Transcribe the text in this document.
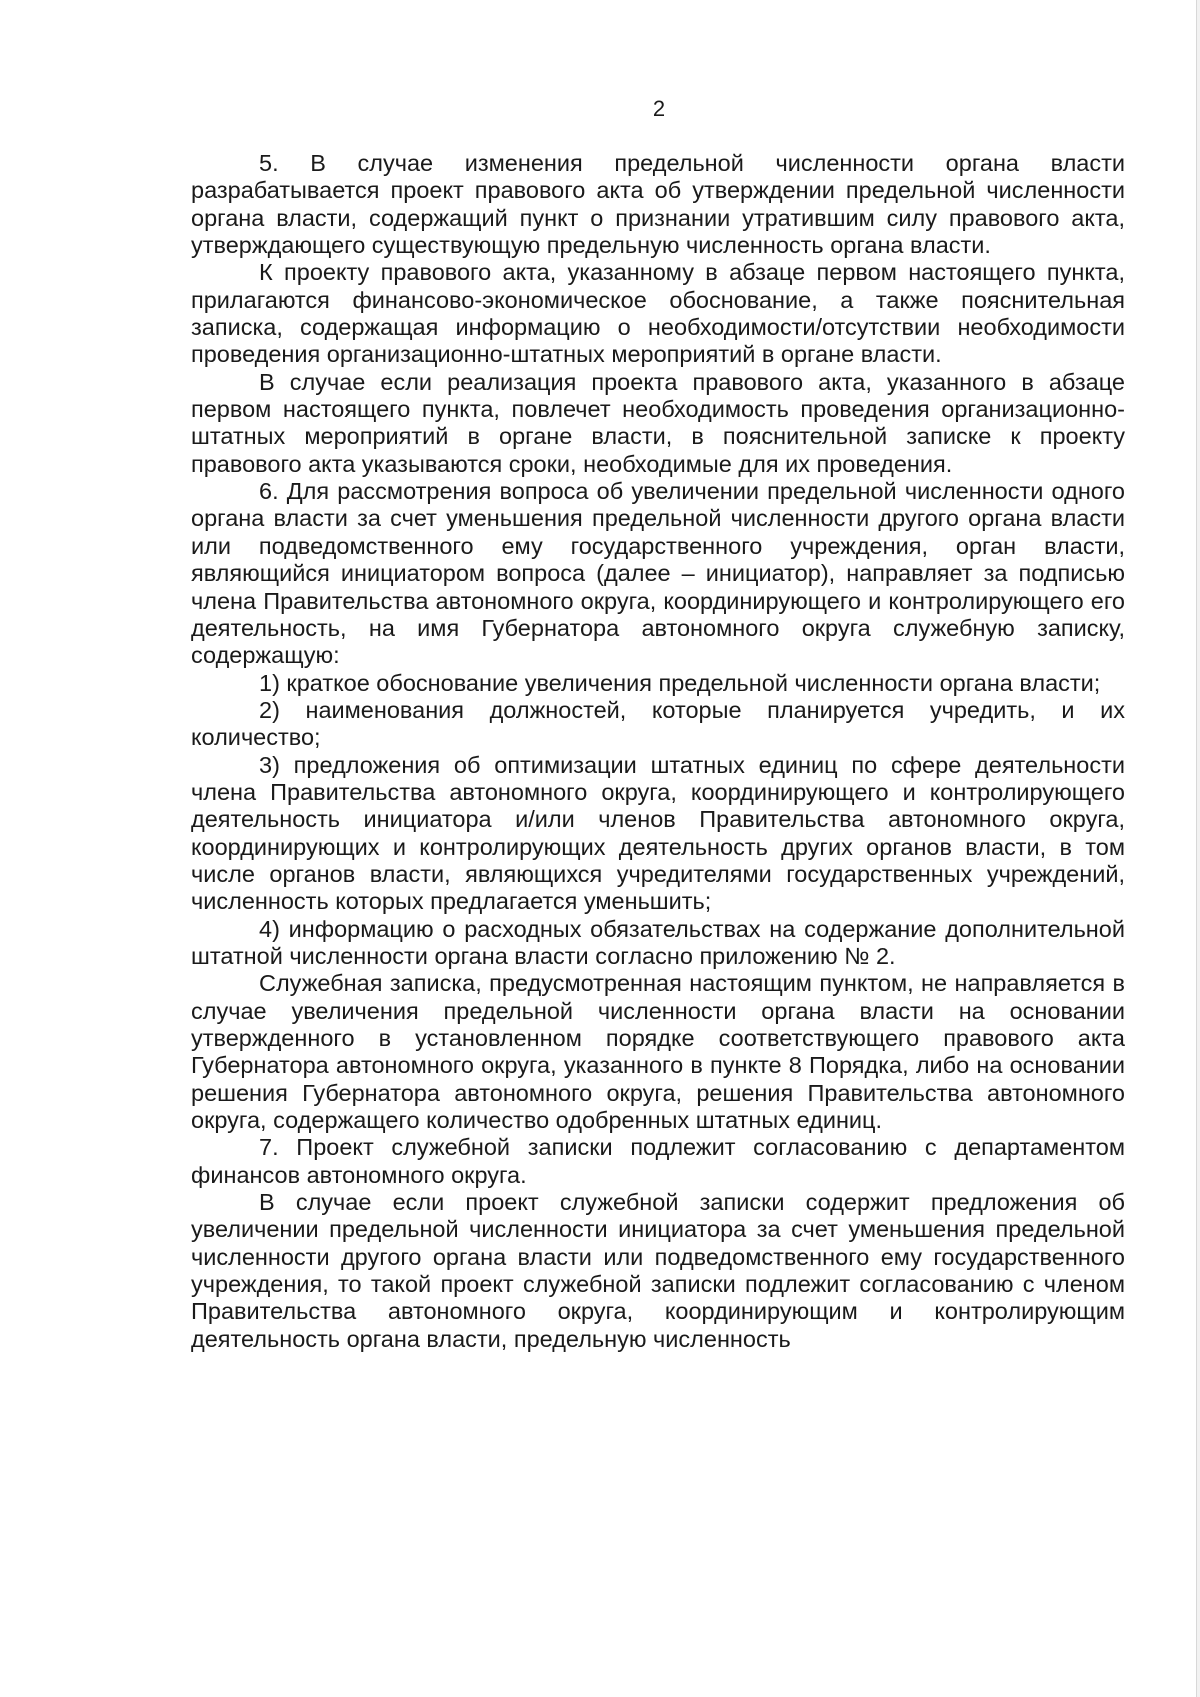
2

5. В случае изменения предельной численности органа власти разрабатывается проект правового акта об утверждении предельной численности органа власти, содержащий пункт о признании утратившим силу правового акта, утверждающего существующую предельную численность органа власти.

К проекту правового акта, указанному в абзаце первом настоящего пункта, прилагаются финансово-экономическое обоснование, а также пояснительная записка, содержащая информацию о необходимости/отсутствии необходимости проведения организационно-штатных мероприятий в органе власти.

В случае если реализация проекта правового акта, указанного в абзаце первом настоящего пункта, повлечет необходимость проведения организационно-штатных мероприятий в органе власти, в пояснительной записке к проекту правового акта указываются сроки, необходимые для их проведения.

6. Для рассмотрения вопроса об увеличении предельной численности одного органа власти за счет уменьшения предельной численности другого органа власти или подведомственного ему государственного учреждения, орган власти, являющийся инициатором вопроса (далее – инициатор), направляет за подписью члена Правительства автономного округа, координирующего и контролирующего его деятельность, на имя Губернатора автономного округа служебную записку, содержащую:

1) краткое обоснование увеличения предельной численности органа власти;

2) наименования должностей, которые планируется учредить, и их количество;

3) предложения об оптимизации штатных единиц по сфере деятельности члена Правительства автономного округа, координирующего и контролирующего деятельность инициатора и/или членов Правительства автономного округа, координирующих и контролирующих деятельность других органов власти, в том числе органов власти, являющихся учредителями государственных учреждений, численность которых предлагается уменьшить;

4) информацию о расходных обязательствах на содержание дополнительной штатной численности органа власти согласно приложению № 2.

Служебная записка, предусмотренная настоящим пунктом, не направляется в случае увеличения предельной численности органа власти на основании утвержденного в установленном порядке соответствующего правового акта Губернатора автономного округа, указанного в пункте 8 Порядка, либо на основании решения Губернатора автономного округа, решения Правительства автономного округа, содержащего количество одобренных штатных единиц.

7. Проект служебной записки подлежит согласованию с департаментом финансов автономного округа.

В случае если проект служебной записки содержит предложения об увеличении предельной численности инициатора за счет уменьшения предельной численности другого органа власти или подведомственного ему государственного учреждения, то такой проект служебной записки подлежит согласованию с членом Правительства автономного округа, координирующим и контролирующим деятельность органа власти, предельную численность
